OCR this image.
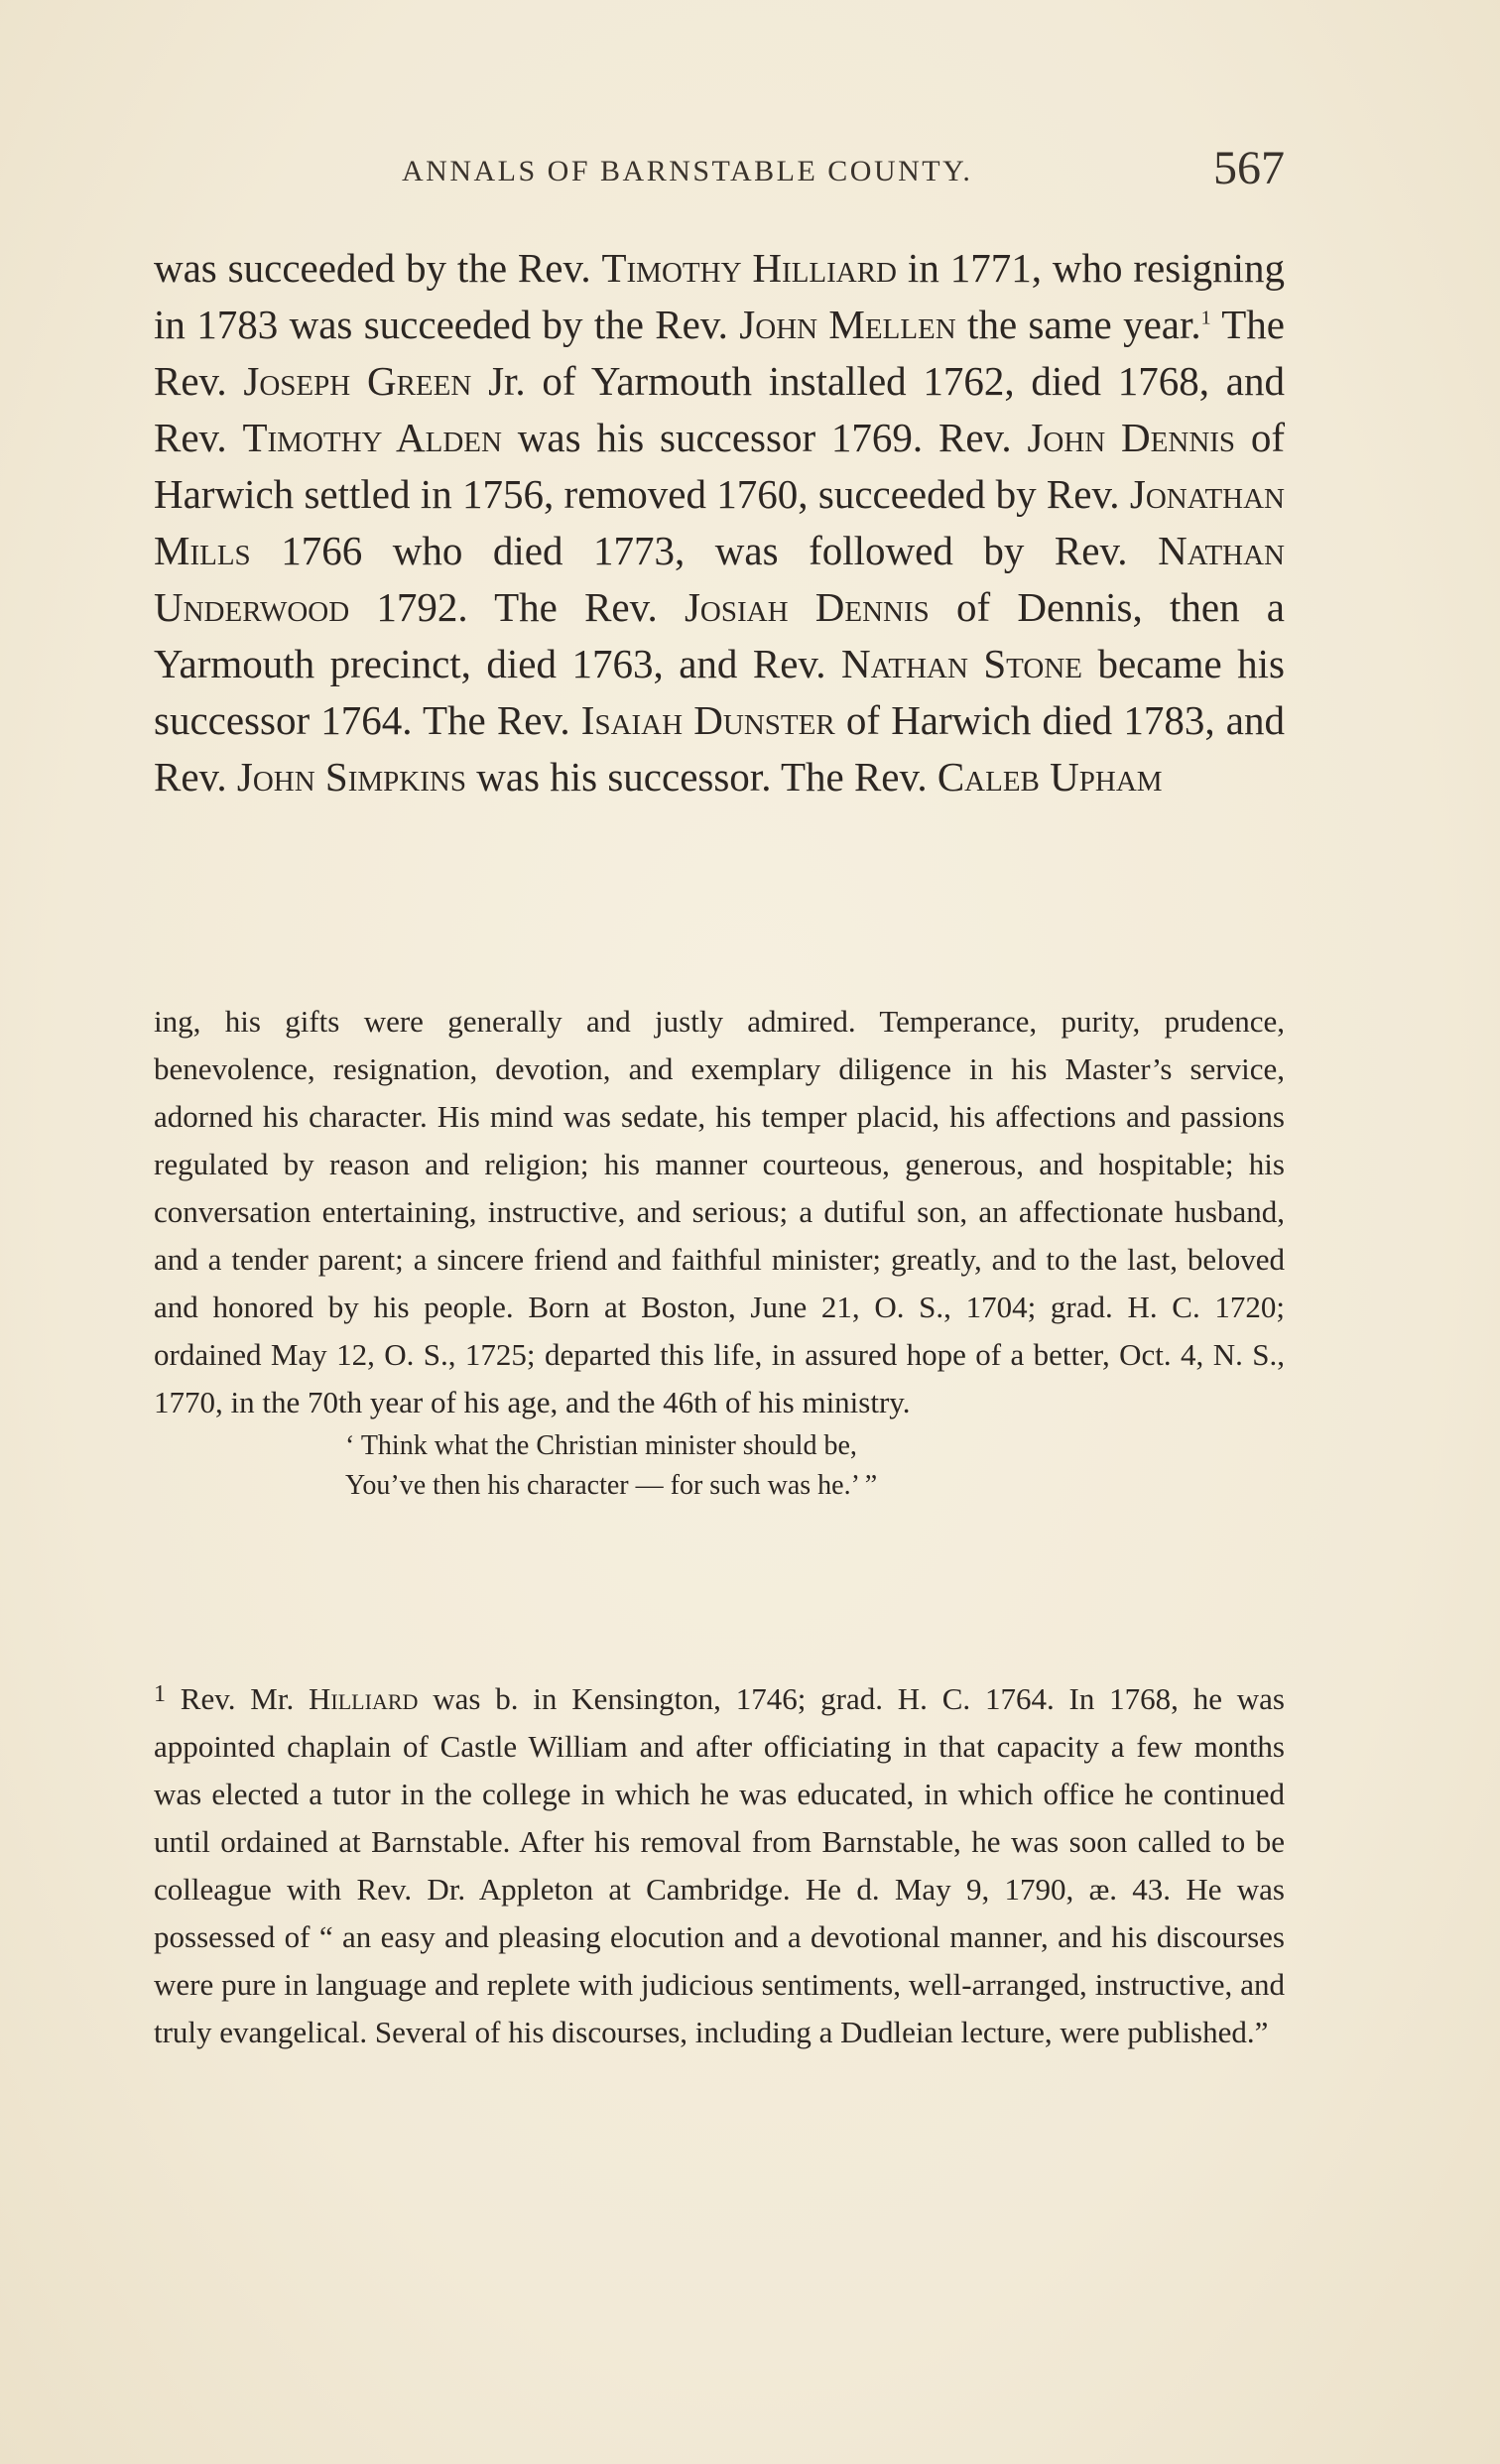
ANNALS OF BARNSTABLE COUNTY.	567

was succeeded by the Rev. Timothy Hilliard in 1771, who resigning in 1783 was succeeded by the Rev. John Mellen the same year.$^1$ The Rev. Joseph Green Jr. of Yarmouth installed 1762, died 1768, and Rev. Timothy Alden was his successor 1769. Rev. John Dennis of Harwich settled in 1756, removed 1760, succeeded by Rev. Jonathan Mills 1766 who died 1773, was followed by Rev. Nathan Underwood 1792. The Rev. Josiah Dennis of Dennis, then a Yarmouth precinct, died 1763, and Rev. Nathan Stone became his successor 1764. The Rev. Isaiah Dunster of Harwich died 1783, and Rev. John Simpkins was his successor. The Rev. Caleb Upham

ing, his gifts were generally and justly admired. Temperance, purity, prudence, benevolence, resignation, devotion, and exemplary diligence in his Master’s service, adorned his character. His mind was sedate, his temper placid, his affections and passions regulated by reason and religion; his manner courteous, generous, and hospitable; his conversation entertaining, instructive, and serious; a dutiful son, an affectionate husband, and a tender parent; a sincere friend and faithful minister; greatly, and to the last, beloved and honored by his people. Born at Boston, June 21, O. S., 1704; grad. H. C. 1720; ordained May 12, O. S., 1725; departed this life, in assured hope of a better, Oct. 4, N. S., 1770, in the 70th year of his age, and the 46th of his ministry.

‘ Think what the Christian minister should be,
You’ve then his character — for such was he.’ ”

$^1$ Rev. Mr. Hilliard was b. in Kensington, 1746; grad. H. C. 1764. In 1768, he was appointed chaplain of Castle William and after officiating in that capacity a few months was elected a tutor in the college in which he was educated, in which office he continued until ordained at Barnstable. After his removal from Barnstable, he was soon called to be colleague with Rev. Dr. Appleton at Cambridge. He d. May 9, 1790, æ. 43. He was possessed of “ an easy and pleasing elocution and a devotional manner, and his discourses were pure in language and replete with judicious sentiments, well-arranged, instructive, and truly evangelical. Several of his discourses, including a Dudleian lecture, were published.”
